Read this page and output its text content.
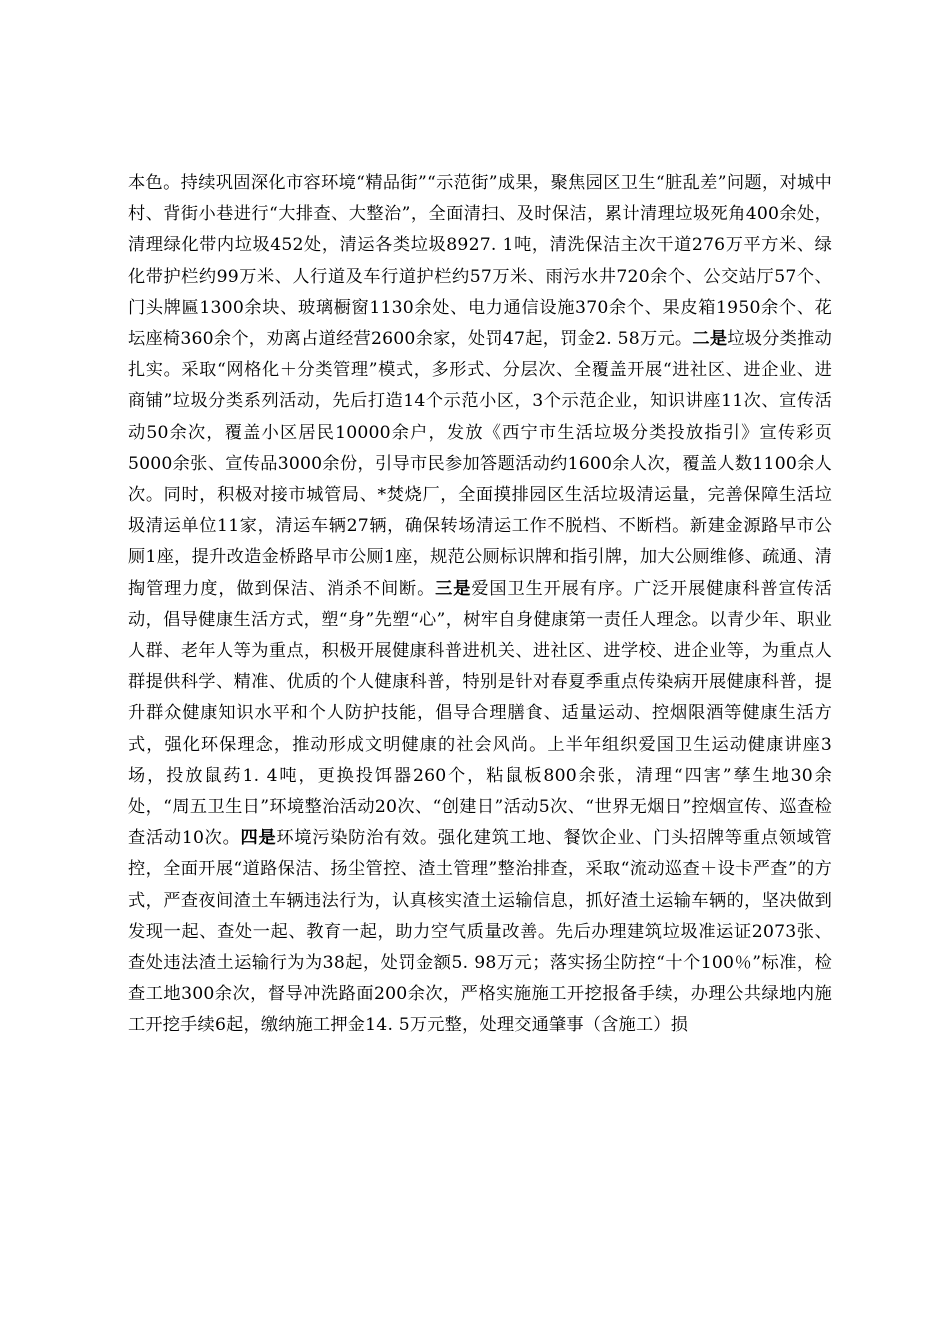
本色。持续巩固深化市容环境“精品街”“示范街”成果，聚焦园区卫生“脏乱差”问题，对城中村、背街小巷进行“大排查、大整治”，全面清扫、及时保洁，累计清理垃圾死角400余处，清理绿化带内垃圾452处，清运各类垃圾8927. 1吨，清洗保洁主次干道276万平方米、绿化带护栏约99万米、人行道及车行道护栏约57万米、雨污水井720余个、公交站厅57个、门头牌匾1300余块、玻璃橱窗1130余处、电力通信设施370余个、果皮箱1950余个、花坛座椅360余个，劝离占道经营2600余家，处罚47起，罚金2. 58万元。二是垃圾分类推动扎实。采取“网格化＋分类管理”模式，多形式、分层次、全覆盖开展“进社区、进企业、进商铺”垃圾分类系列活动，先后打造14个示范小区，3个示范企业，知识讲座11次、宣传活动50余次，覆盖小区居民10000余户，发放《西宁市生活垃圾分类投放指引》宣传彩页5000余张、宣传品3000余份，引导市民参加答题活动约1600余人次，覆盖人数1100余人次。同时，积极对接市城管局、*焚烧厂，全面摸排园区生活垃圾清运量，完善保障生活垃圾清运单位11家，清运车辆27辆，确保转场清运工作不脱档、不断档。新建金源路早市公厕1座，提升改造金桥路早市公厕1座，规范公厕标识牌和指引牌，加大公厕维修、疏通、清掏管理力度，做到保洁、消杀不间断。三是爱国卫生开展有序。广泛开展健康科普宣传活动，倡导健康生活方式，塑“身”先塑“心”，树牢自身健康第一责任人理念。以青少年、职业人群、老年人等为重点，积极开展健康科普进机关、进社区、进学校、进企业等，为重点人群提供科学、精准、优质的个人健康科普，特别是针对春夏季重点传染病开展健康科普，提升群众健康知识水平和个人防护技能，倡导合理膳食、适量运动、控烟限酒等健康生活方式，强化环保理念，推动形成文明健康的社会风尚。上半年组织爱国卫生运动健康讲座3场，投放鼠药1. 4吨，更换投饵器260个，粘鼠板800余张，清理“四害”孳生地30余处，“周五卫生日”环境整治活动20次、“创建日”活动5次、“世界无烟日”控烟宣传、巡查检查活动10次。四是环境污染防治有效。强化建筑工地、餐饮企业、门头招牌等重点领域管控，全面开展“道路保洁、扬尘管控、渣土管理”整治排查，采取“流动巡查＋设卡严查”的方式，严查夜间渣土车辆违法行为，认真核实渣土运输信息，抓好渣土运输车辆的，坚决做到发现一起、查处一起、教育一起，助力空气质量改善。先后办理建筑垃圾准运证2073张、查处违法渣土运输行为为38起，处罚金额5. 98万元；落实扬尘防控“十个100％”标准，检查工地300余次，督导冲洗路面200余次，严格实施施工开挖报备手续，办理公共绿地内施工开挖手续6起，缴纳施工押金14. 5万元整，处理交通肇事（含施工）损
